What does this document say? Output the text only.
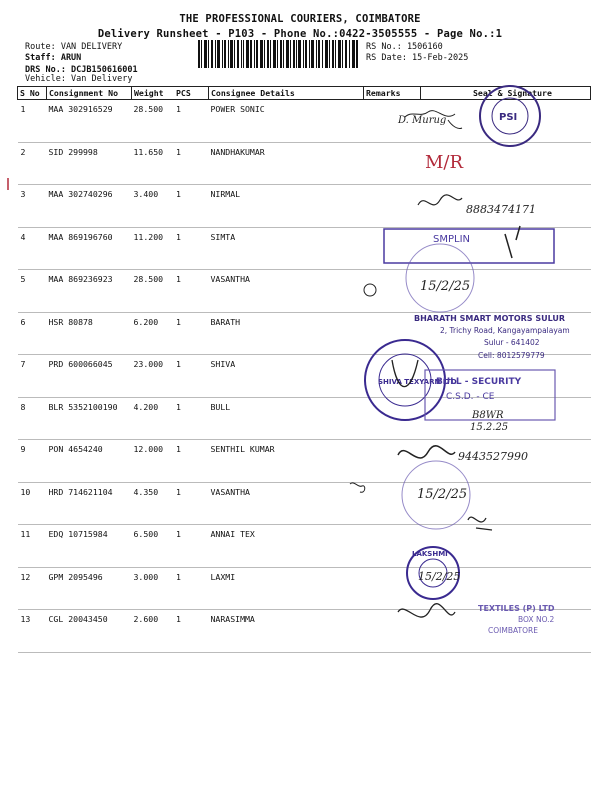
THE PROFESSIONAL COURIERS, COIMBATORE
Delivery Runsheet - P103 - Phone No.:0422-3505555 - Page No.:1
Route: VAN DELIVERY
Staff: ARUN
DRS No.: DCJB150616001
Vehicle: Van Delivery
RS No.: 1506160
RS Date: 15-Feb-2025
S No	Consignment No	Weight	PCS	Consignee Details	Remarks	Seal & Signature
1	MAA 302916529	28.500	1	POWER SONIC		
2	SID 299998	11.650	1	NANDHAKUMAR		
3	MAA 302740296	3.400	1	NIRMAL		
4	MAA 869196760	11.200	1	SIMTA		
5	MAA 869236923	28.500	1	VASANTHA		
6	HSR 80878	6.200	1	BARATH		
7	PRD 600066045	23.000	1	SHIVA		
8	BLR 5352100190	4.200	1	BULL		
9	PON 4654240	12.000	1	SENTHIL KUMAR		
10	HRD 714621104	4.350	1	VASANTHA		
11	EDQ 10715984	6.500	1	ANNAI TEX		
12	GPM 2095496	3.000	1	LAXMI		
13	CGL 20043450	2.600	1	NARASIMMA		
D. Murug	PSI
M/R
8883474171
SMPLIN
15/2/25
BHARATH SMART MOTORS SULUR
2, Trichy Road, Kangayampalayam
Sulur - 641402
Cell: 8012579779
SHIVA TEXYARN LTD
BULL - SECURITY
C.S.D. - CE
B8WR
15.2.25
9443527990
15/2/25
LAKSHMI
15/2/25
TEXTILES (P) LTD
BOX NO.2
COIMBATORE
